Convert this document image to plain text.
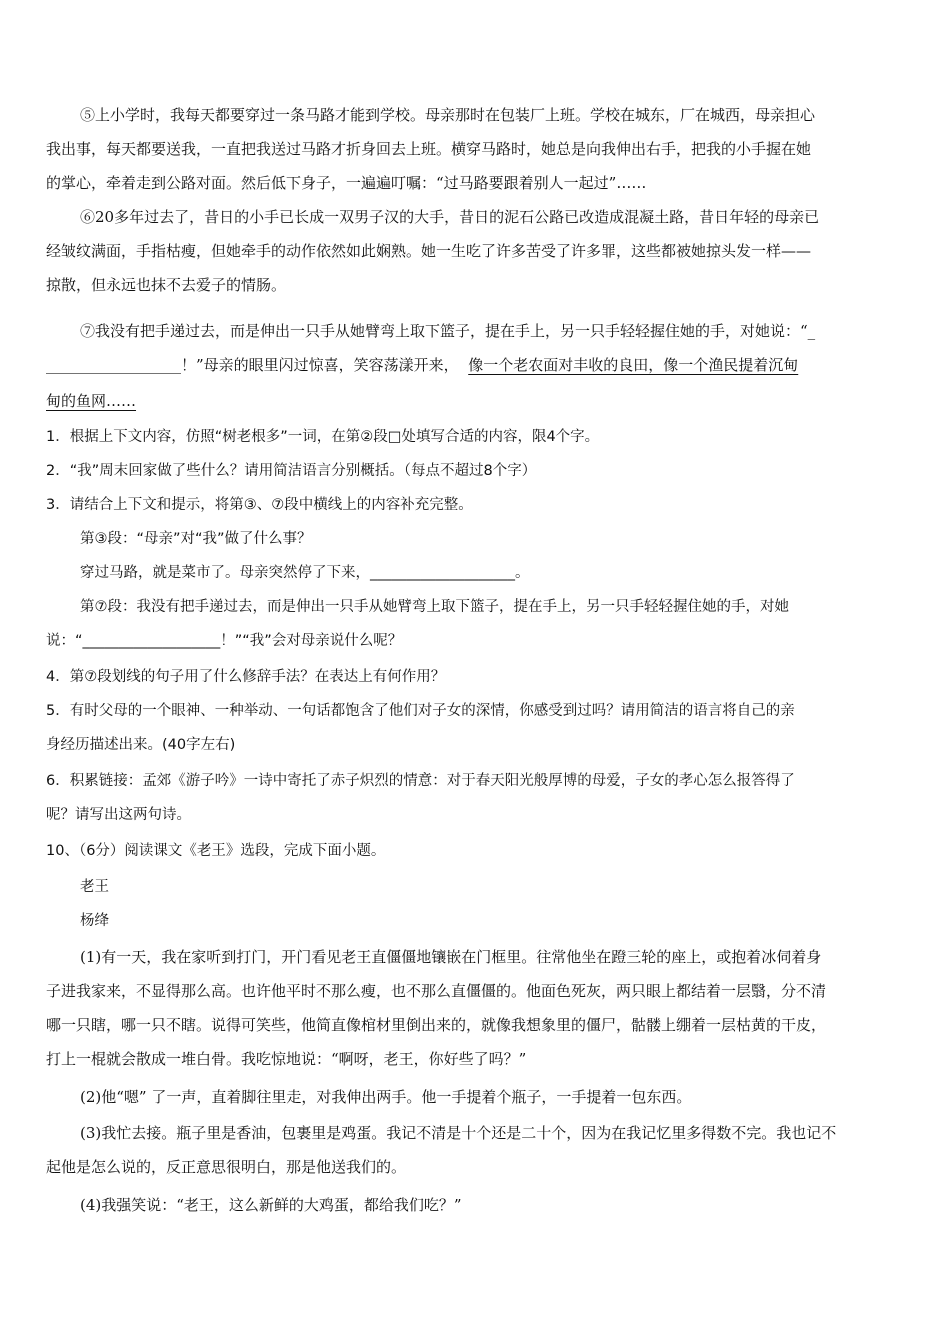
⑤上小学时，我每天都要穿过一条马路才能到学校。母亲那时在包装厂上班。学校在城东，厂在城西，母亲担心
我出事，每天都要送我，一直把我送过马路才折身回去上班。横穿马路时，她总是向我伸出右手，把我的小手握在她
的掌心，牵着走到公路对面。然后低下身子，一遍遍叮嘱：“过马路要跟着别人一起过”……
⑥20多年过去了，昔日的小手已长成一双男子汉的大手，昔日的泥石公路已改造成混凝土路，昔日年轻的母亲已
经皱纹满面，手指枯瘦，但她牵手的动作依然如此娴熟。她一生吃了许多苦受了许多罪，这些都被她掠头发一样——
掠散，但永远也抹不去爱子的情肠。
⑦我没有把手递过去，而是伸出一只手从她臂弯上取下篮子，提在手上，另一只手轻轻握住她的手，对她说：“_
__________________！”母亲的眼里闪过惊喜，笑容荡漾开来， 像一个老农面对丰收的良田，像一个渔民提着沉甸
甸的鱼网……
1．根据上下文内容，仿照“树老根多”一词，在第②段□处填写合适的内容，限4个字。
2．“我”周末回家做了些什么？请用简洁语言分别概括。（每点不超过8个字）
3．请结合上下文和提示，将第③、⑦段中横线上的内容补充完整。
第③段：“母亲”对“我”做了什么事？
穿过马路，就是菜市了。母亲突然停了下来，____________________。
第⑦段：我没有把手递过去，而是伸出一只手从她臂弯上取下篮子，提在手上，另一只手轻轻握住她的手，对她
说：“___________________！”“我”会对母亲说什么呢？
4．第⑦段划线的句子用了什么修辞手法？在表达上有何作用？
5．有时父母的一个眼神、一种举动、一句话都饱含了他们对子女的深情，你感受到过吗？请用简洁的语言将自己的亲
身经历描述出来。(40字左右)
6．积累链接：孟郊《游子吟》一诗中寄托了赤子炽烈的情意：对于春天阳光般厚博的母爱，子女的孝心怎么报答得了
呢？请写出这两句诗。
10、（6分）阅读课文《老王》选段，完成下面小题。
老王
杨绛
(1)有一天，我在家听到打门，开门看见老王直僵僵地镶嵌在门框里。往常他坐在蹬三轮的座上，或抱着冰伺着身
子进我家来，不显得那么高。也许他平时不那么瘦，也不那么直僵僵的。他面色死灰，两只眼上都结着一层翳，分不清
哪一只瞎，哪一只不瞎。说得可笑些，他简直像棺材里倒出来的，就像我想象里的僵尸，骷髅上绷着一层枯黄的干皮，
打上一棍就会散成一堆白骨。我吃惊地说：“啊呀，老王，你好些了吗？”
(2)他“嗯” 了一声，直着脚往里走，对我伸出两手。他一手提着个瓶子，一手提着一包东西。
(3)我忙去接。瓶子里是香油，包裹里是鸡蛋。我记不清是十个还是二十个，因为在我记忆里多得数不完。我也记不
起他是怎么说的，反正意思很明白，那是他送我们的。
(4)我强笑说：“老王，这么新鲜的大鸡蛋，都给我们吃？”
